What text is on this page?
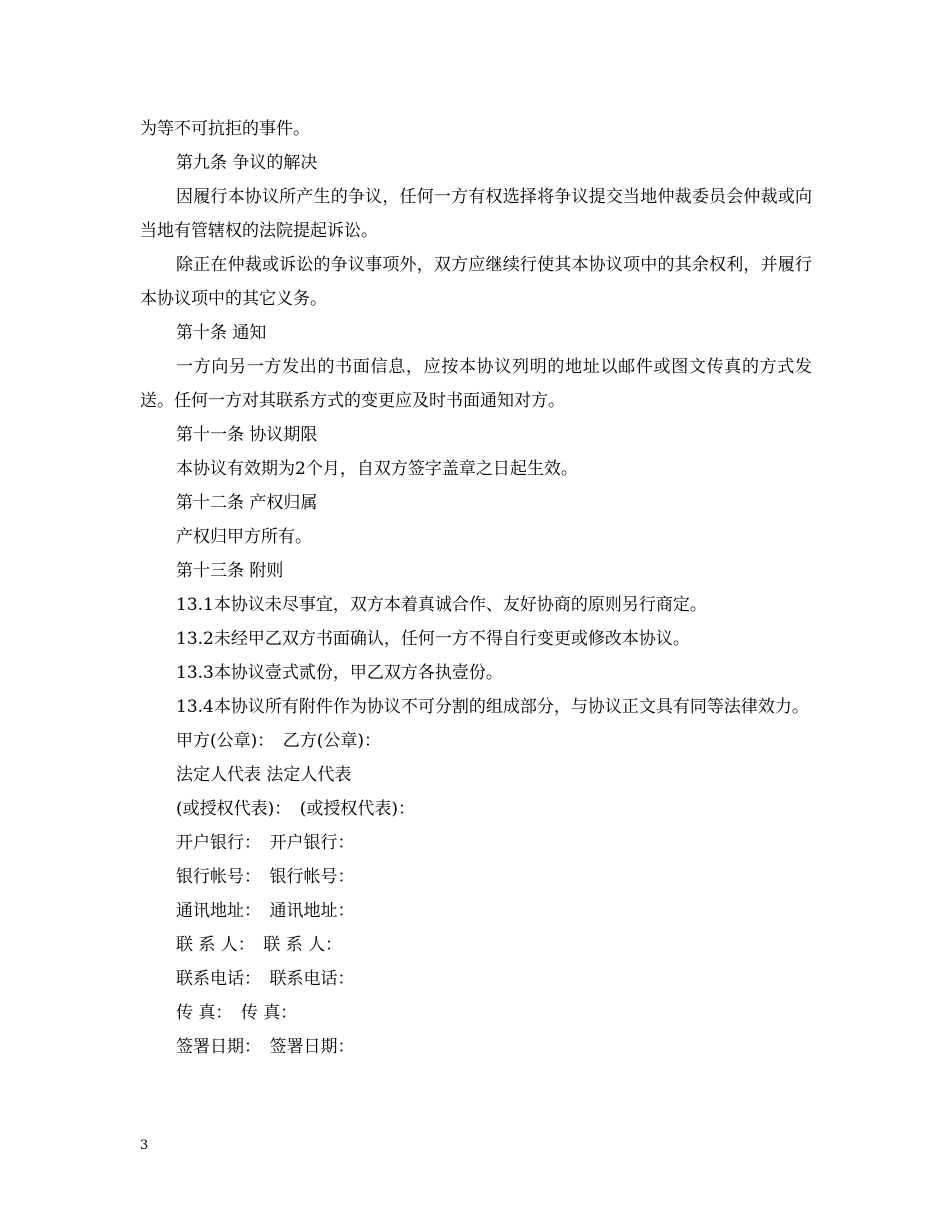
为等不可抗拒的事件。

第九条 争议的解决

因履行本协议所产生的争议，任何一方有权选择将争议提交当地仲裁委员会仲裁或向当地有管辖权的法院提起诉讼。

除正在仲裁或诉讼的争议事项外，双方应继续行使其本协议项中的其余权利，并履行本协议项中的其它义务。

第十条 通知

一方向另一方发出的书面信息，应按本协议列明的地址以邮件或图文传真的方式发送。任何一方对其联系方式的变更应及时书面通知对方。

第十一条 协议期限

本协议有效期为2个月，自双方签字盖章之日起生效。

第十二条 产权归属

产权归甲方所有。

第十三条 附则

13.1本协议未尽事宜，双方本着真诚合作、友好协商的原则另行商定。

13.2未经甲乙双方书面确认，任何一方不得自行变更或修改本协议。

13.3本协议壹式贰份，甲乙双方各执壹份。

13.4本协议所有附件作为协议不可分割的组成部分，与协议正文具有同等法律效力。

甲方(公章)：　乙方(公章)：

法定人代表 法定人代表

(或授权代表)：　(或授权代表)：

开户银行：　开户银行：

银行帐号：　银行帐号：

通讯地址：　通讯地址：

联 系 人：　联 系 人：

联系电话：　联系电话：

传 真：　传 真：

签署日期：　签署日期：

3
